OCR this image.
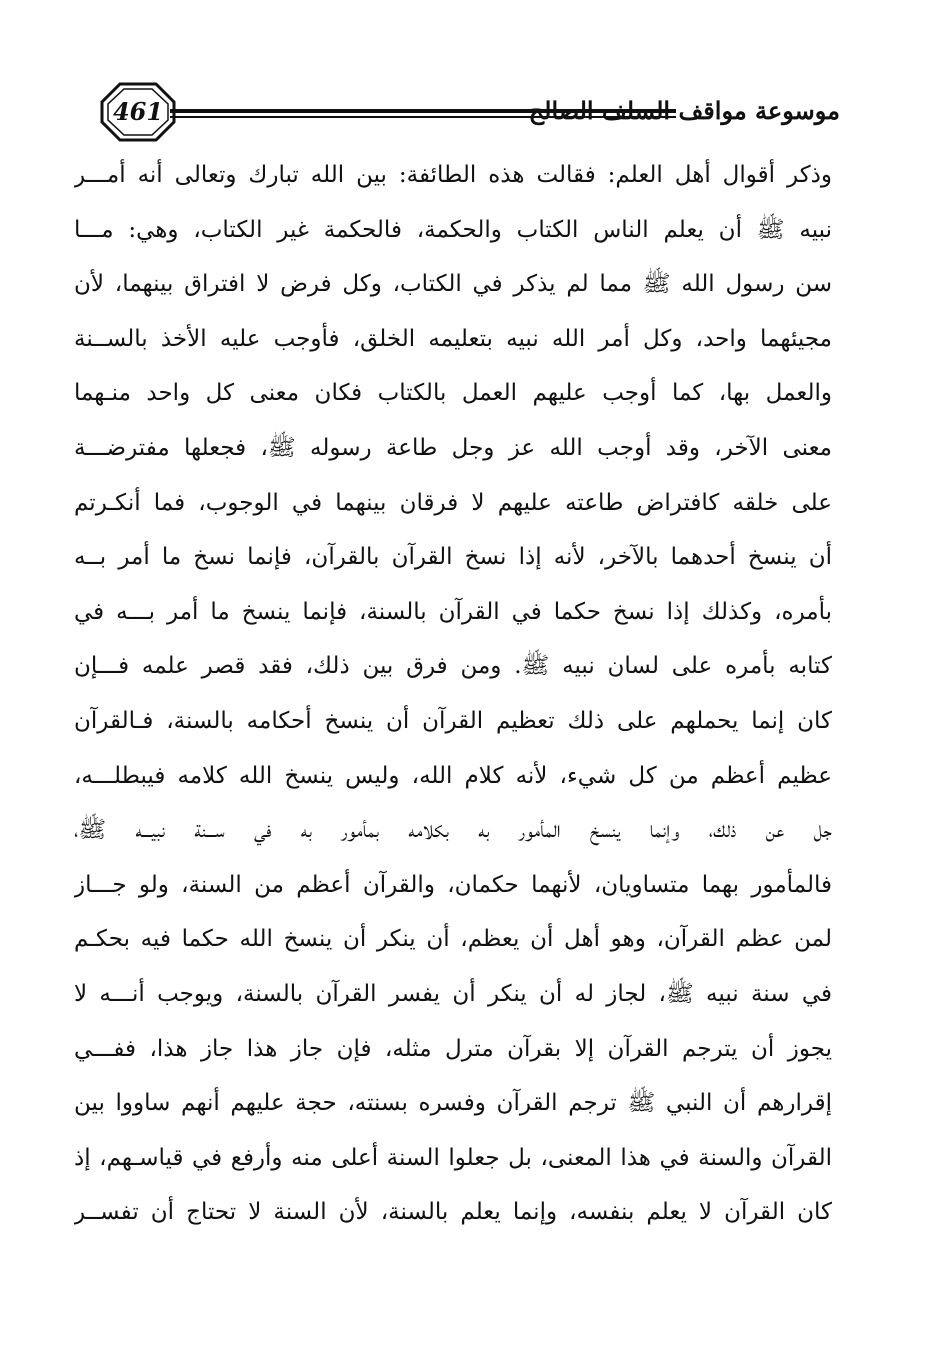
461	موسوعة مواقف السلف الصالح
وذكر أقوال أهل العلم: فقالت هذه الطائفة: بين الله تبارك وتعالى أنه أمـــر
نبيه ﷺ أن يعلم الناس الكتاب والحكمة، فالحكمة غير الكتاب، وهي: مـــا
سن رسول الله ﷺ مما لم يذكر في الكتاب، وكل فرض لا افتراق بينهما، لأن
مجيئهما واحد، وكل أمر الله نبيه بتعليمه الخلق، فأوجب عليه الأخذ بالســنة
والعمل بها، كما أوجب عليهم العمل بالكتاب فكان معنى كل واحد منـهما
معنى الآخر، وقد أوجب الله عز وجل طاعة رسوله ﷺ، فجعلها مفترضـــة
على خلقه كافتراض طاعته عليهم لا فرقان بينهما في الوجوب، فما أنكـرتم
أن ينسخ أحدهما بالآخر، لأنه إذا نسخ القرآن بالقرآن، فإنما نسخ ما أمر بــه
بأمره، وكذلك إذا نسخ حكما في القرآن بالسنة، فإنما ينسخ ما أمر بـــه في
كتابه بأمره على لسان نبيه ﷺ. ومن فرق بين ذلك، فقد قصر علمه فـــإن
كان إنما يحملهم على ذلك تعظيم القرآن أن ينسخ أحكامه بالسنة، فـالقرآن
عظيم أعظم من كل شيء، لأنه كلام الله، وليس ينسخ الله كلامه فيبطلـــه،
جل عن ذلك، وإنما ينسخ المأمور به بكلامه بمأمور به في ســـنة نبيـــه ﷺ،
فالمأمور بهما متساويان، لأنهما حكمان، والقرآن أعظم من السنة، ولو جـــاز
لمن عظم القرآن، وهو أهل أن يعظم، أن ينكر أن ينسخ الله حكما فيه بحكـم
في سنة نبيه ﷺ، لجاز له أن ينكر أن يفسر القرآن بالسنة، ويوجب أنـــه لا
يجوز أن يترجم القرآن إلا بقرآن مترل مثله، فإن جاز هذا جاز هذا، ففـــي
إقرارهم أن النبي ﷺ ترجم القرآن وفسره بسنته، حجة عليهم أنهم ساووا بين
القرآن والسنة في هذا المعنى، بل جعلوا السنة أعلى منه وأرفع في قياسـهم، إذ
كان القرآن لا يعلم بنفسه، وإنما يعلم بالسنة، لأن السنة لا تحتاج أن تفســر
